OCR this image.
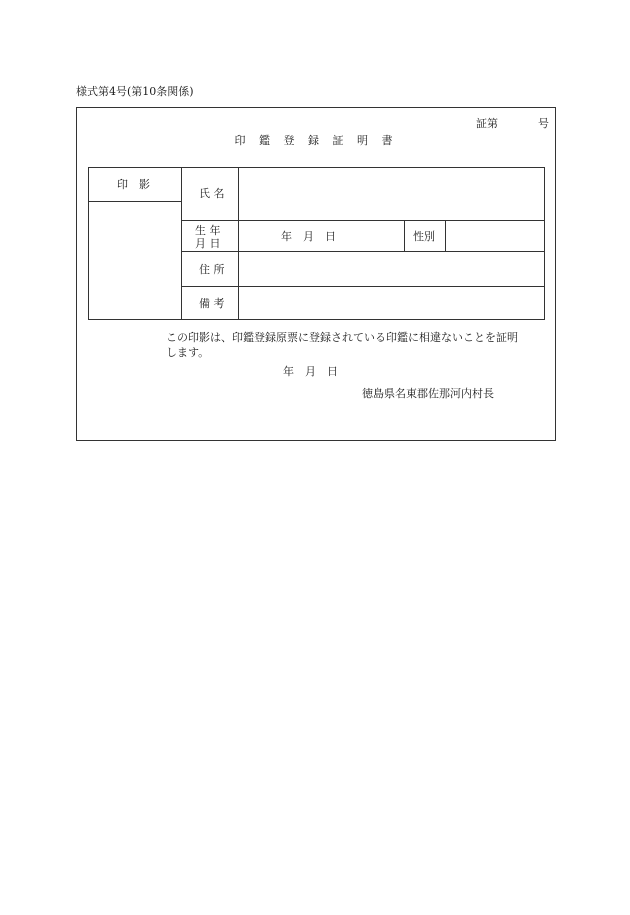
様式第4号(第10条関係)
証第	号
印 鑑 登 録 証 明 書
印　影
氏 名
生 年
月 日
年　月　日	性別
住 所
備 考
この印影は、印鑑登録原票に登録されている印鑑に相違ないことを証明します。
年　月　日
徳島県名東郡佐那河内村長
